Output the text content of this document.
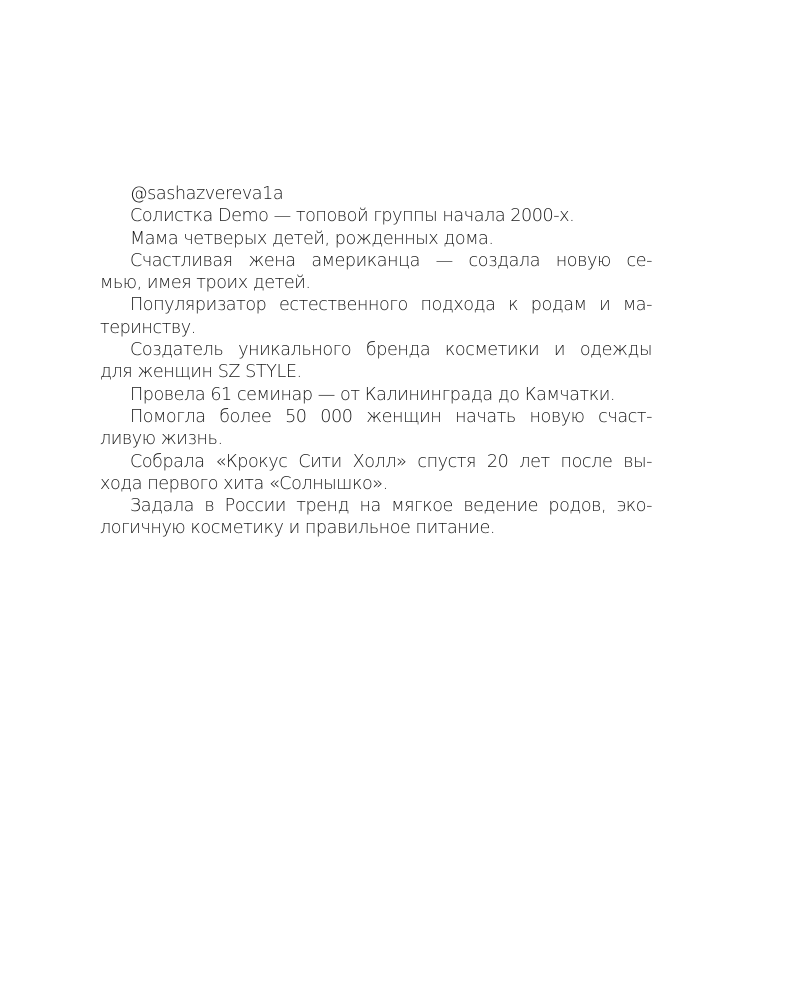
@sashazvereva1a
Солистка Demo — топовой группы начала 2000-х.
Мама четверых детей, рожденных дома.
Счастливая жена американца — создала новую се-
мью, имея троих детей.
Популяризатор естественного подхода к родам и ма-
теринству.
Создатель уникального бренда косметики и одежды
для женщин SZ STYLE.
Провела 61 семинар — от Калининграда до Камчатки.
Помогла более 50 000 женщин начать новую счаст-
ливую жизнь.
Собрала «Крокус Сити Холл» спустя 20 лет после вы-
хода первого хита «Солнышко».
Задала в России тренд на мягкое ведение родов, эко-
логичную косметику и правильное питание.
